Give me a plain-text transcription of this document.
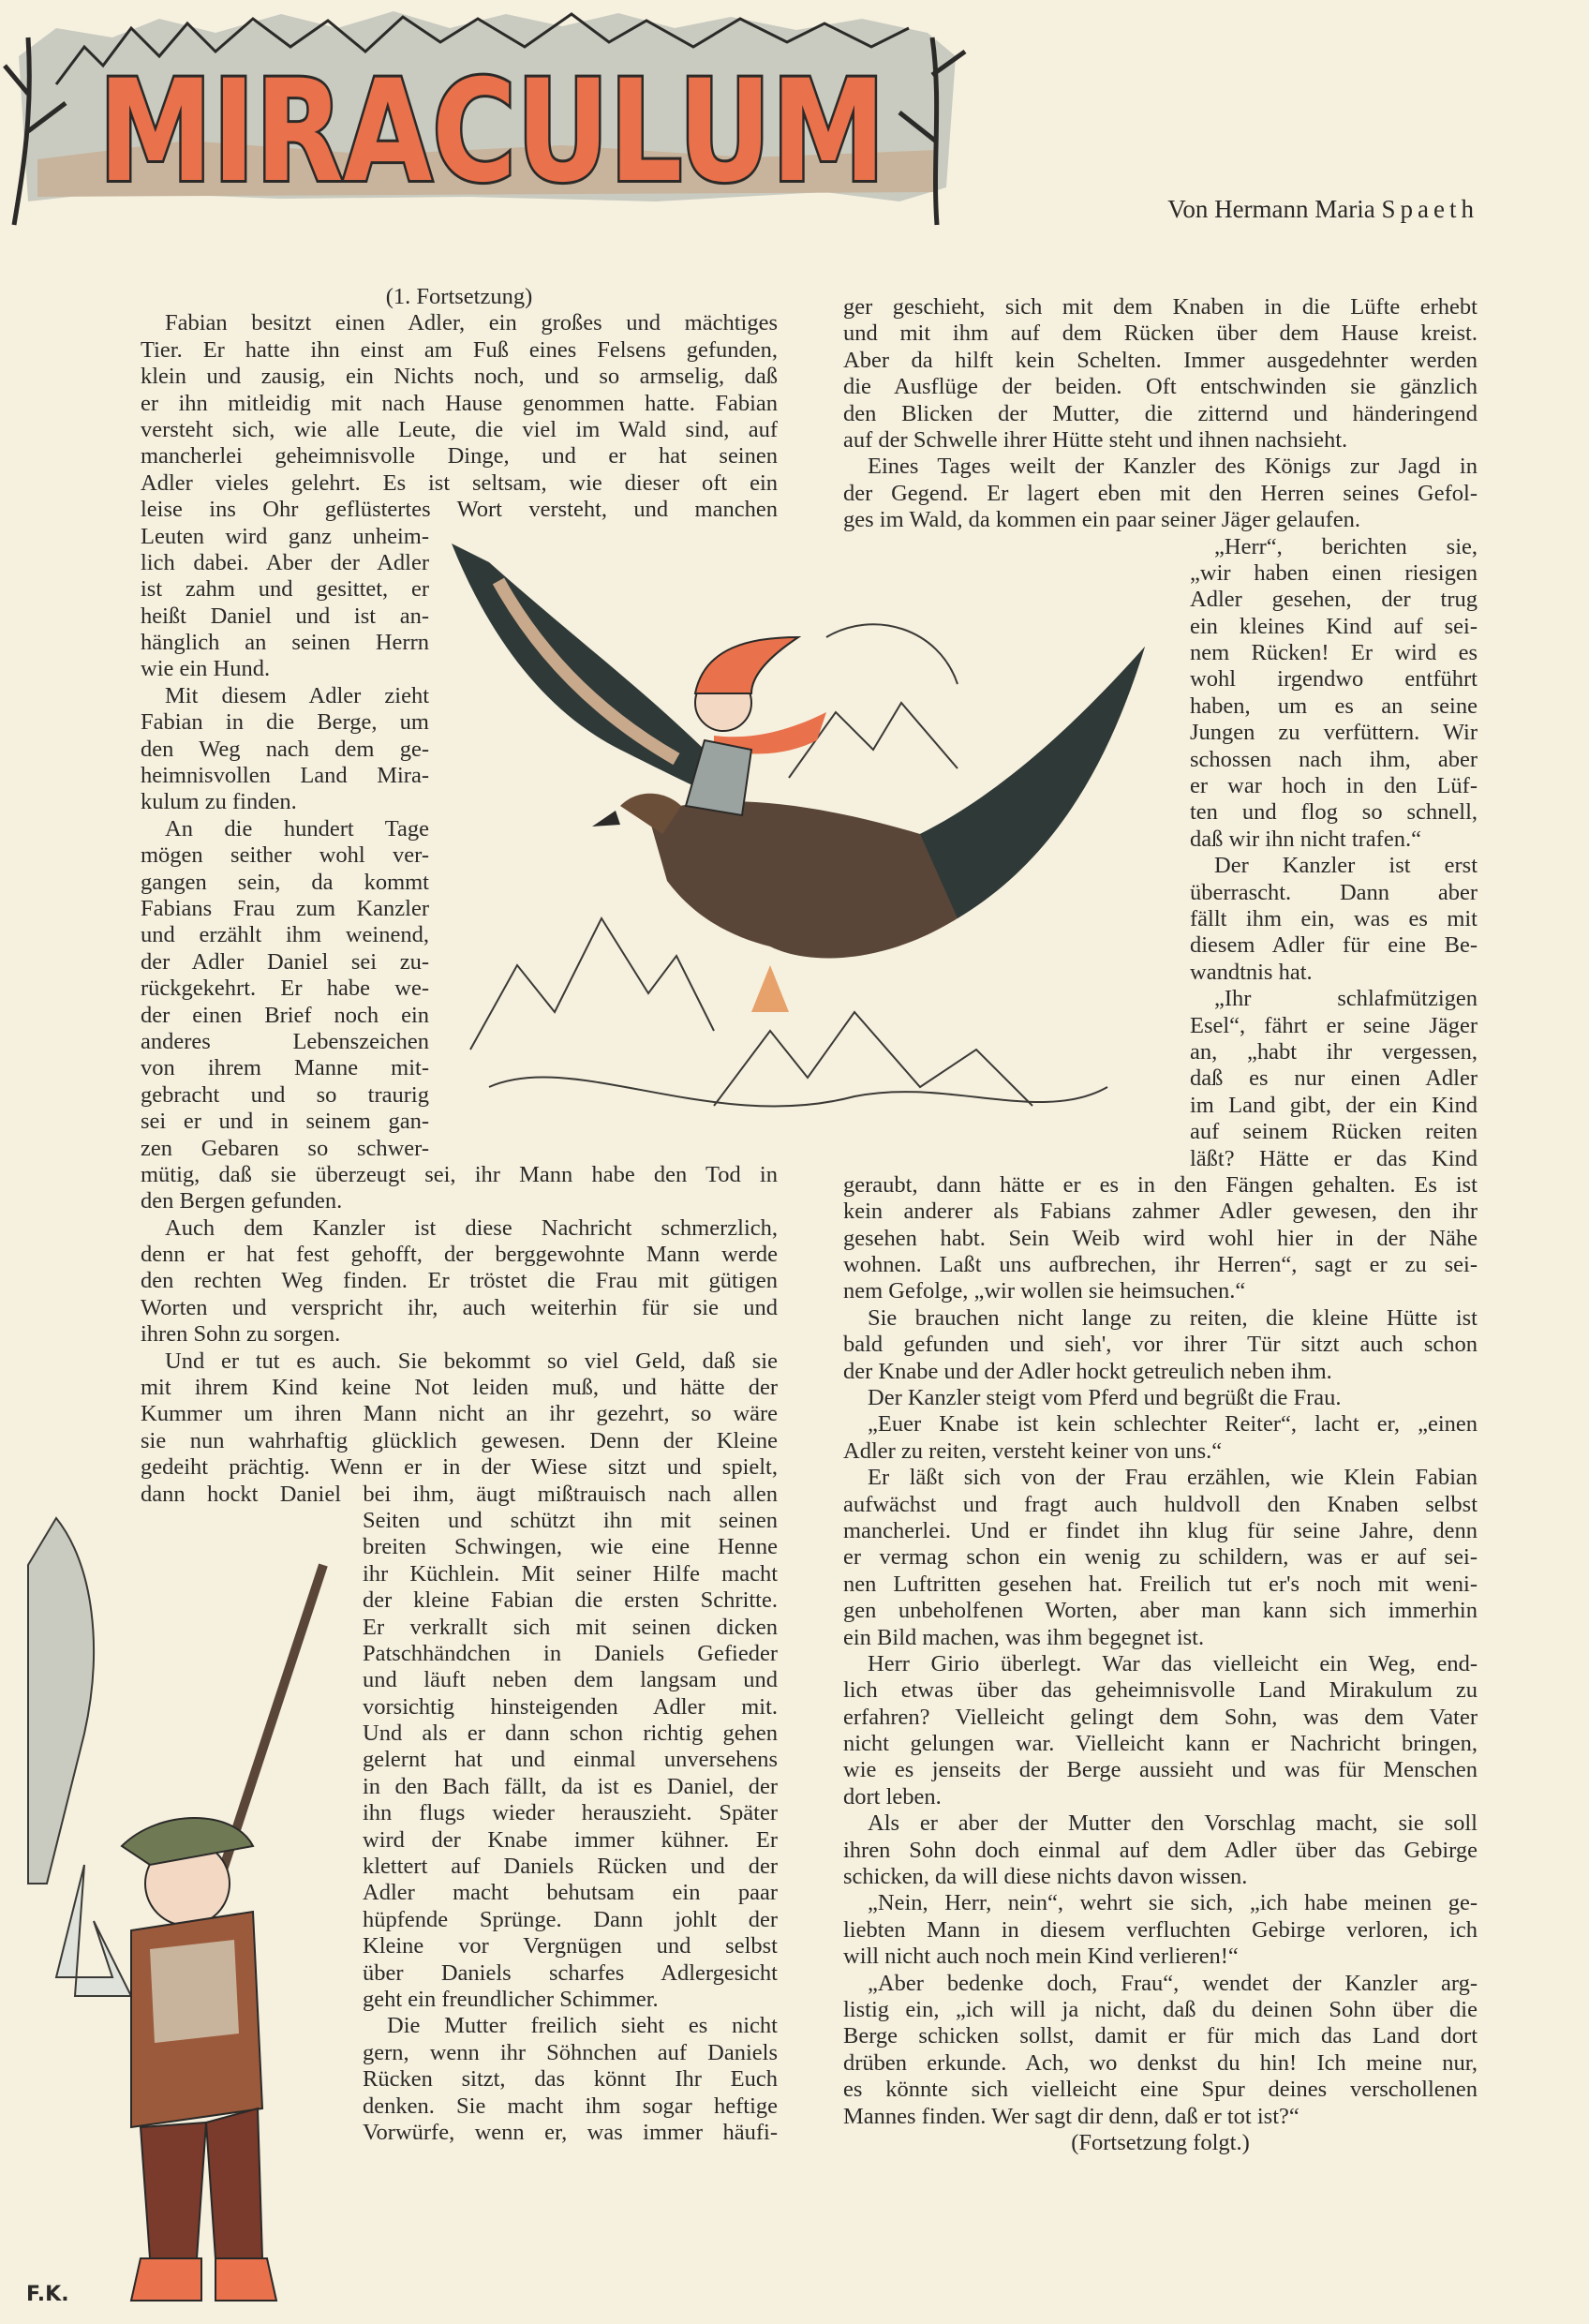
MIRACULUM	Von Hermann Maria Spaeth
F.K.
(1. Fortsetzung)
Fabian besitzt einen Adler, ein großes und mächtiges
Tier. Er hatte ihn einst am Fuß eines Felsens gefunden,
klein und zausig, ein Nichts noch, und so armselig, daß
er ihn mitleidig mit nach Hause genommen hatte. Fabian
versteht sich, wie alle Leute, die viel im Wald sind, auf
mancherlei geheimnisvolle Dinge, und er hat seinen
Adler vieles gelehrt. Es ist seltsam, wie dieser oft ein
leise ins Ohr geflüstertes Wort versteht, und manchen
Leuten wird ganz unheim-
lich dabei. Aber der Adler
ist zahm und gesittet, er
heißt Daniel und ist an-
hänglich an seinen Herrn
wie ein Hund.
Mit diesem Adler zieht
Fabian in die Berge, um
den Weg nach dem ge-
heimnisvollen Land Mira-
kulum zu finden.
An die hundert Tage
mögen seither wohl ver-
gangen sein, da kommt
Fabians Frau zum Kanzler
und erzählt ihm weinend,
der Adler Daniel sei zu-
rückgekehrt. Er habe we-
der einen Brief noch ein
anderes Lebenszeichen
von ihrem Manne mit-
gebracht und so traurig
sei er und in seinem gan-
zen Gebaren so schwer-
mütig, daß sie überzeugt sei, ihr Mann habe den Tod in
den Bergen gefunden.
Auch dem Kanzler ist diese Nachricht schmerzlich,
denn er hat fest gehofft, der berggewohnte Mann werde
den rechten Weg finden. Er tröstet die Frau mit gütigen
Worten und verspricht ihr, auch weiterhin für sie und
ihren Sohn zu sorgen.
Und er tut es auch. Sie bekommt so viel Geld, daß sie
mit ihrem Kind keine Not leiden muß, und hätte der
Kummer um ihren Mann nicht an ihr gezehrt, so wäre
sie nun wahrhaftig glücklich gewesen. Denn der Kleine
gedeiht prächtig. Wenn er in der Wiese sitzt und spielt,
dann hockt Daniel bei ihm, äugt mißtrauisch nach allen
Seiten und schützt ihn mit seinen
breiten Schwingen, wie eine Henne
ihr Küchlein. Mit seiner Hilfe macht
der kleine Fabian die ersten Schritte.
Er verkrallt sich mit seinen dicken
Patschhändchen in Daniels Gefieder
und läuft neben dem langsam und
vorsichtig hinsteigenden Adler mit.
Und als er dann schon richtig gehen
gelernt hat und einmal unversehens
in den Bach fällt, da ist es Daniel, der
ihn flugs wieder herauszieht. Später
wird der Knabe immer kühner. Er
klettert auf Daniels Rücken und der
Adler macht behutsam ein paar
hüpfende Sprünge. Dann johlt der
Kleine vor Vergnügen und selbst
über Daniels scharfes Adlergesicht
geht ein freundlicher Schimmer.
Die Mutter freilich sieht es nicht
gern, wenn ihr Söhnchen auf Daniels
Rücken sitzt, das könnt Ihr Euch
denken. Sie macht ihm sogar heftige
Vorwürfe, wenn er, was immer häufi-
ger geschieht, sich mit dem Knaben in die Lüfte erhebt
und mit ihm auf dem Rücken über dem Hause kreist.
Aber da hilft kein Schelten. Immer ausgedehnter werden
die Ausflüge der beiden. Oft entschwinden sie gänzlich
den Blicken der Mutter, die zitternd und händeringend
auf der Schwelle ihrer Hütte steht und ihnen nachsieht.
Eines Tages weilt der Kanzler des Königs zur Jagd in
der Gegend. Er lagert eben mit den Herren seines Gefol-
ges im Wald, da kommen ein paar seiner Jäger gelaufen.
„Herr“, berichten sie,
„wir haben einen riesigen
Adler gesehen, der trug
ein kleines Kind auf sei-
nem Rücken! Er wird es
wohl irgendwo entführt
haben, um es an seine
Jungen zu verfüttern. Wir
schossen nach ihm, aber
er war hoch in den Lüf-
ten und flog so schnell,
daß wir ihn nicht trafen.“
Der Kanzler ist erst
überrascht. Dann aber
fällt ihm ein, was es mit
diesem Adler für eine Be-
wandtnis hat.
„Ihr schlafmützigen
Esel“, fährt er seine Jäger
an, „habt ihr vergessen,
daß es nur einen Adler
im Land gibt, der ein Kind
auf seinem Rücken reiten
läßt? Hätte er das Kind
geraubt, dann hätte er es in den Fängen gehalten. Es ist
kein anderer als Fabians zahmer Adler gewesen, den ihr
gesehen habt. Sein Weib wird wohl hier in der Nähe
wohnen. Laßt uns aufbrechen, ihr Herren“, sagt er zu sei-
nem Gefolge, „wir wollen sie heimsuchen.“
Sie brauchen nicht lange zu reiten, die kleine Hütte ist
bald gefunden und sieh', vor ihrer Tür sitzt auch schon
der Knabe und der Adler hockt getreulich neben ihm.
Der Kanzler steigt vom Pferd und begrüßt die Frau.
„Euer Knabe ist kein schlechter Reiter“, lacht er, „einen
Adler zu reiten, versteht keiner von uns.“
Er läßt sich von der Frau erzählen, wie Klein Fabian
aufwächst und fragt auch huldvoll den Knaben selbst
mancherlei. Und er findet ihn klug für seine Jahre, denn
er vermag schon ein wenig zu schildern, was er auf sei-
nen Luftritten gesehen hat. Freilich tut er's noch mit weni-
gen unbeholfenen Worten, aber man kann sich immerhin
ein Bild machen, was ihm begegnet ist.
Herr Girio überlegt. War das vielleicht ein Weg, end-
lich etwas über das geheimnisvolle Land Mirakulum zu
erfahren? Vielleicht gelingt dem Sohn, was dem Vater
nicht gelungen war. Vielleicht kann er Nachricht bringen,
wie es jenseits der Berge aussieht und was für Menschen
dort leben.
Als er aber der Mutter den Vorschlag macht, sie soll
ihren Sohn doch einmal auf dem Adler über das Gebirge
schicken, da will diese nichts davon wissen.
„Nein, Herr, nein“, wehrt sie sich, „ich habe meinen ge-
liebten Mann in diesem verfluchten Gebirge verloren, ich
will nicht auch noch mein Kind verlieren!“
„Aber bedenke doch, Frau“, wendet der Kanzler arg-
listig ein, „ich will ja nicht, daß du deinen Sohn über die
Berge schicken sollst, damit er für mich das Land dort
drüben erkunde. Ach, wo denkst du hin! Ich meine nur,
es könnte sich vielleicht eine Spur deines verschollenen
Mannes finden. Wer sagt dir denn, daß er tot ist?“
(Fortsetzung folgt.)
